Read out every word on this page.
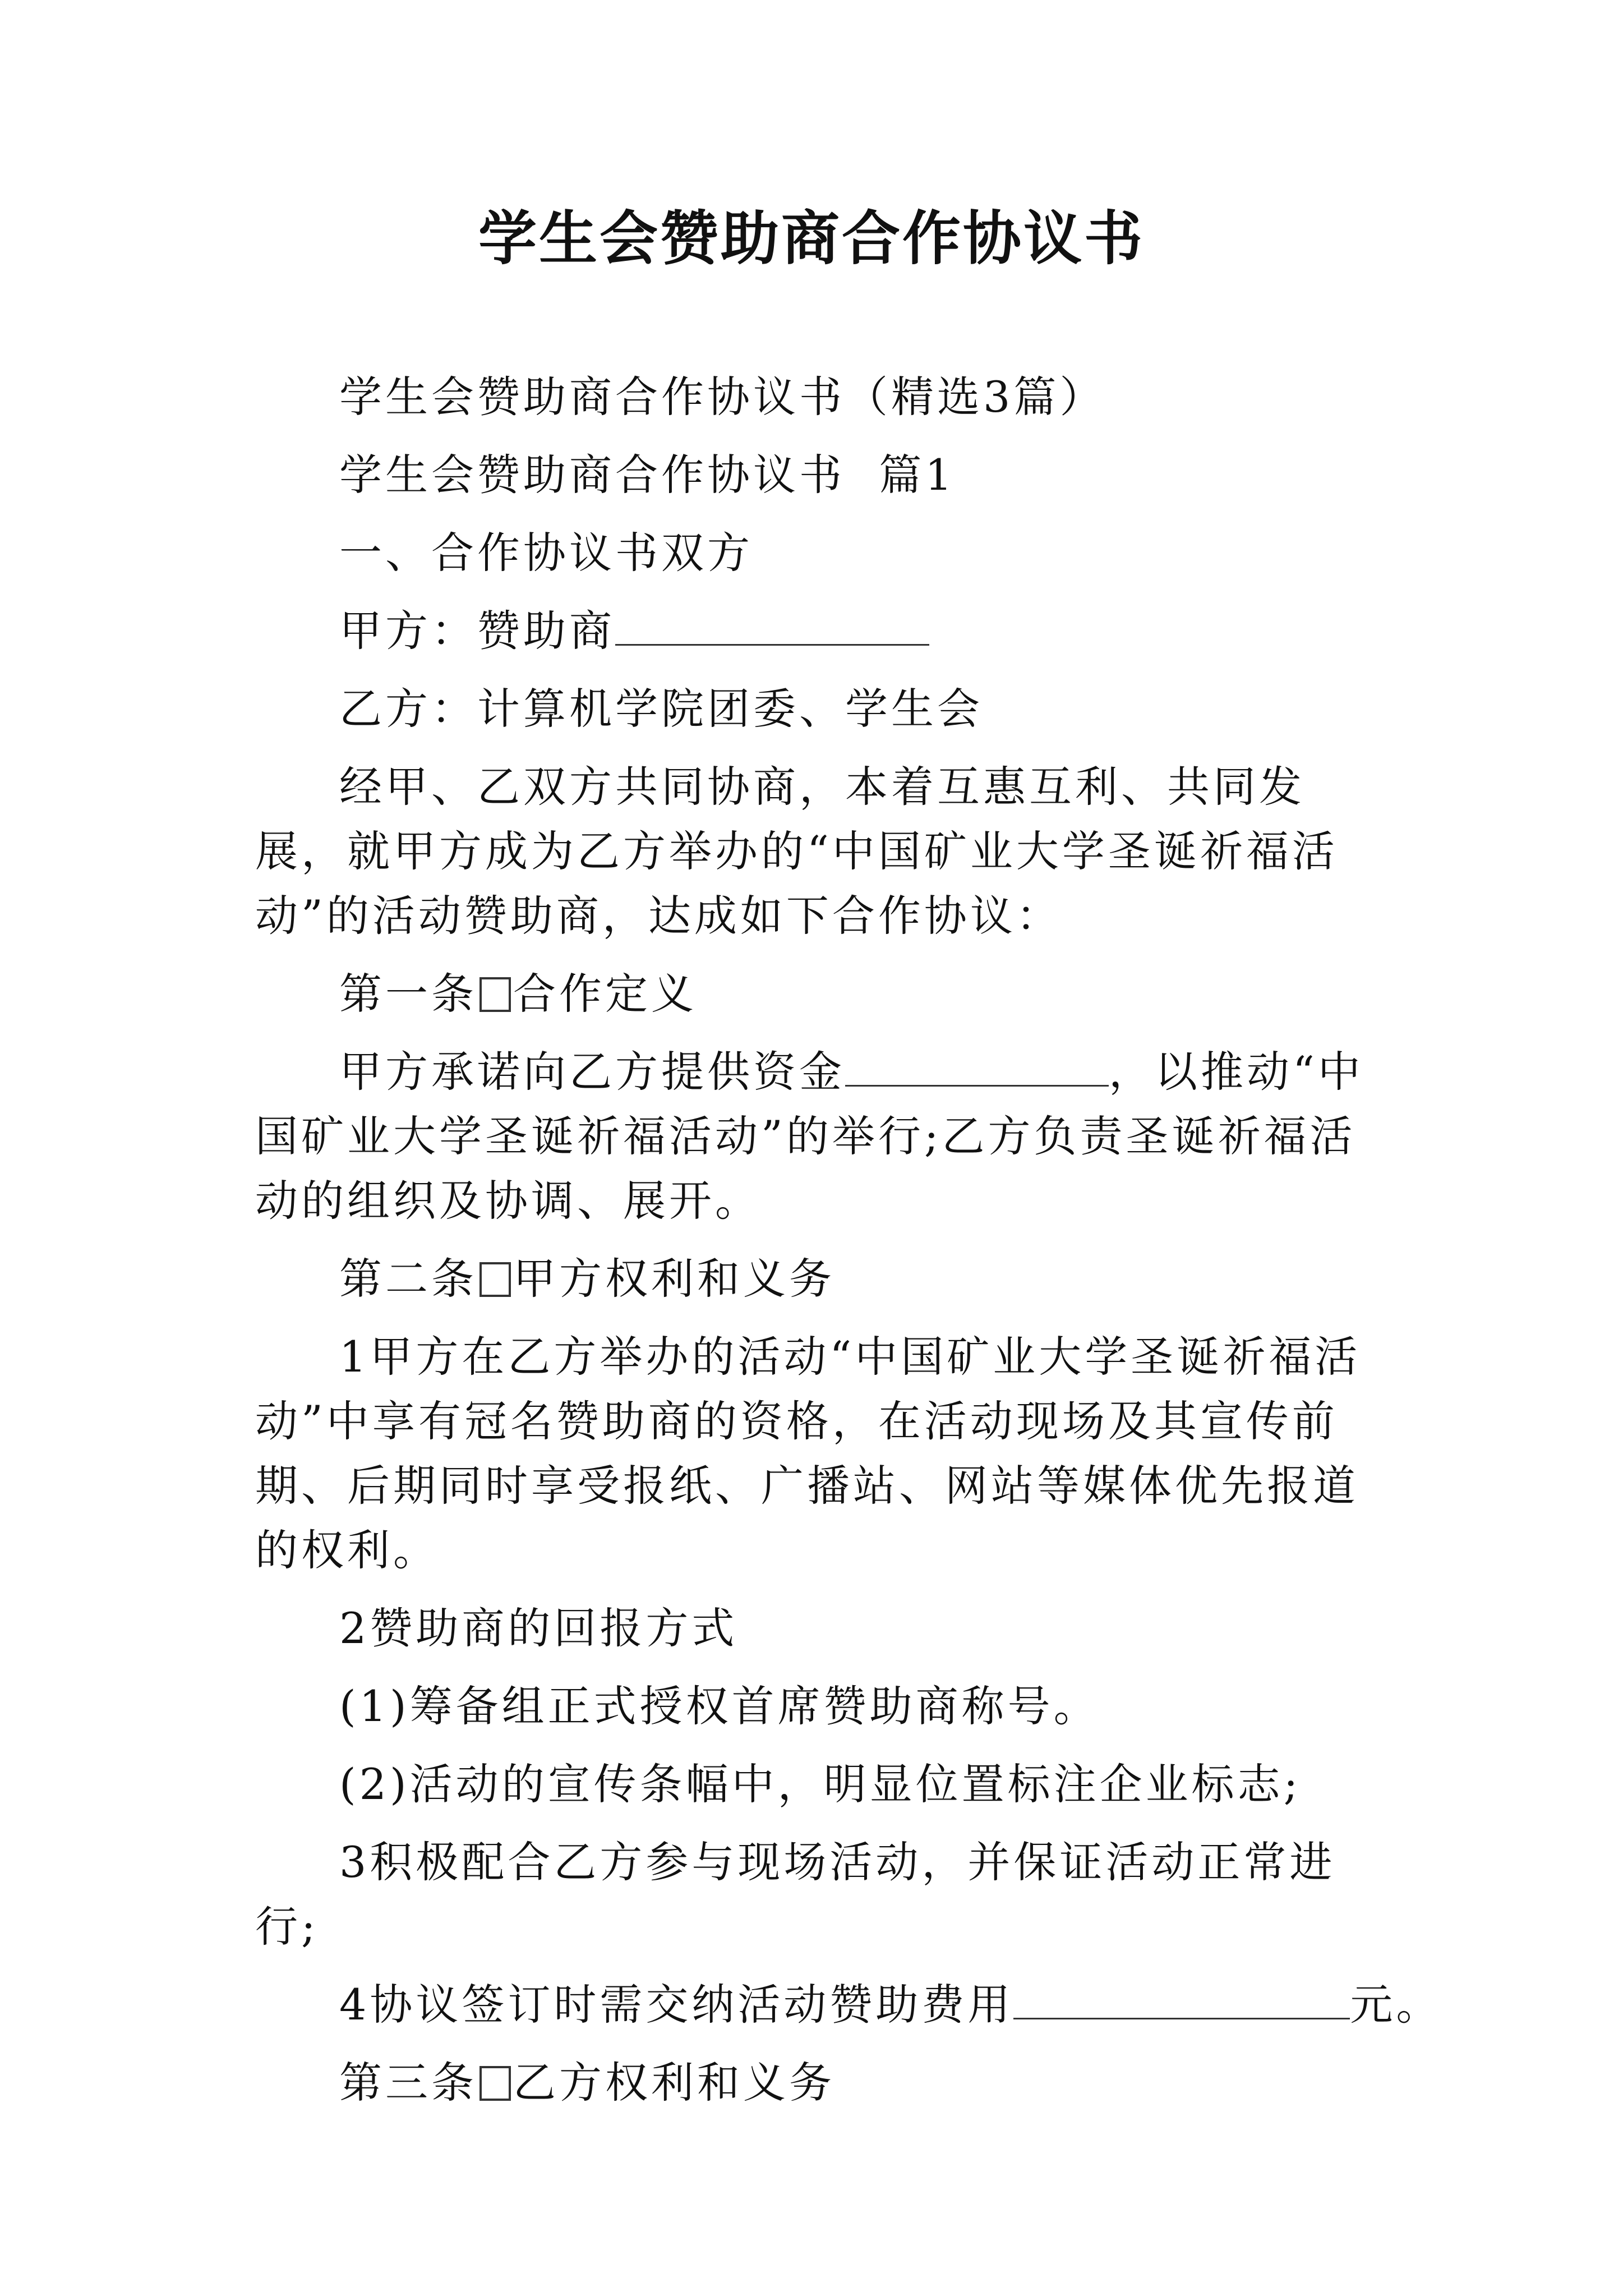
学生会赞助商合作协议书

学生会赞助商合作协议书（精选3篇）

学生会赞助商合作协议书  篇1

一、合作协议书双方

甲方：赞助商

乙方：计算机学院团委、学生会

经甲、乙双方共同协商，本着互惠互利、共同发展，就甲方成为乙方举办的“中国矿业大学圣诞祈福活动”的活动赞助商，达成如下合作协议：

第一条 合作定义

甲方承诺向乙方提供资金	，以推动“中国矿业大学圣诞祈福活动”的举行;乙方负责圣诞祈福活动的组织及协调、展开。

第二条 甲方权利和义务

1甲方在乙方举办的活动“中国矿业大学圣诞祈福活动”中享有冠名赞助商的资格，在活动现场及其宣传前期、后期同时享受报纸、广播站、网站等媒体优先报道的权利。

2赞助商的回报方式

(1)筹备组正式授权首席赞助商称号。

(2)活动的宣传条幅中，明显位置标注企业标志;

3积极配合乙方参与现场活动，并保证活动正常进行;

4协议签订时需交纳活动赞助费用	元。

第三条 乙方权利和义务
